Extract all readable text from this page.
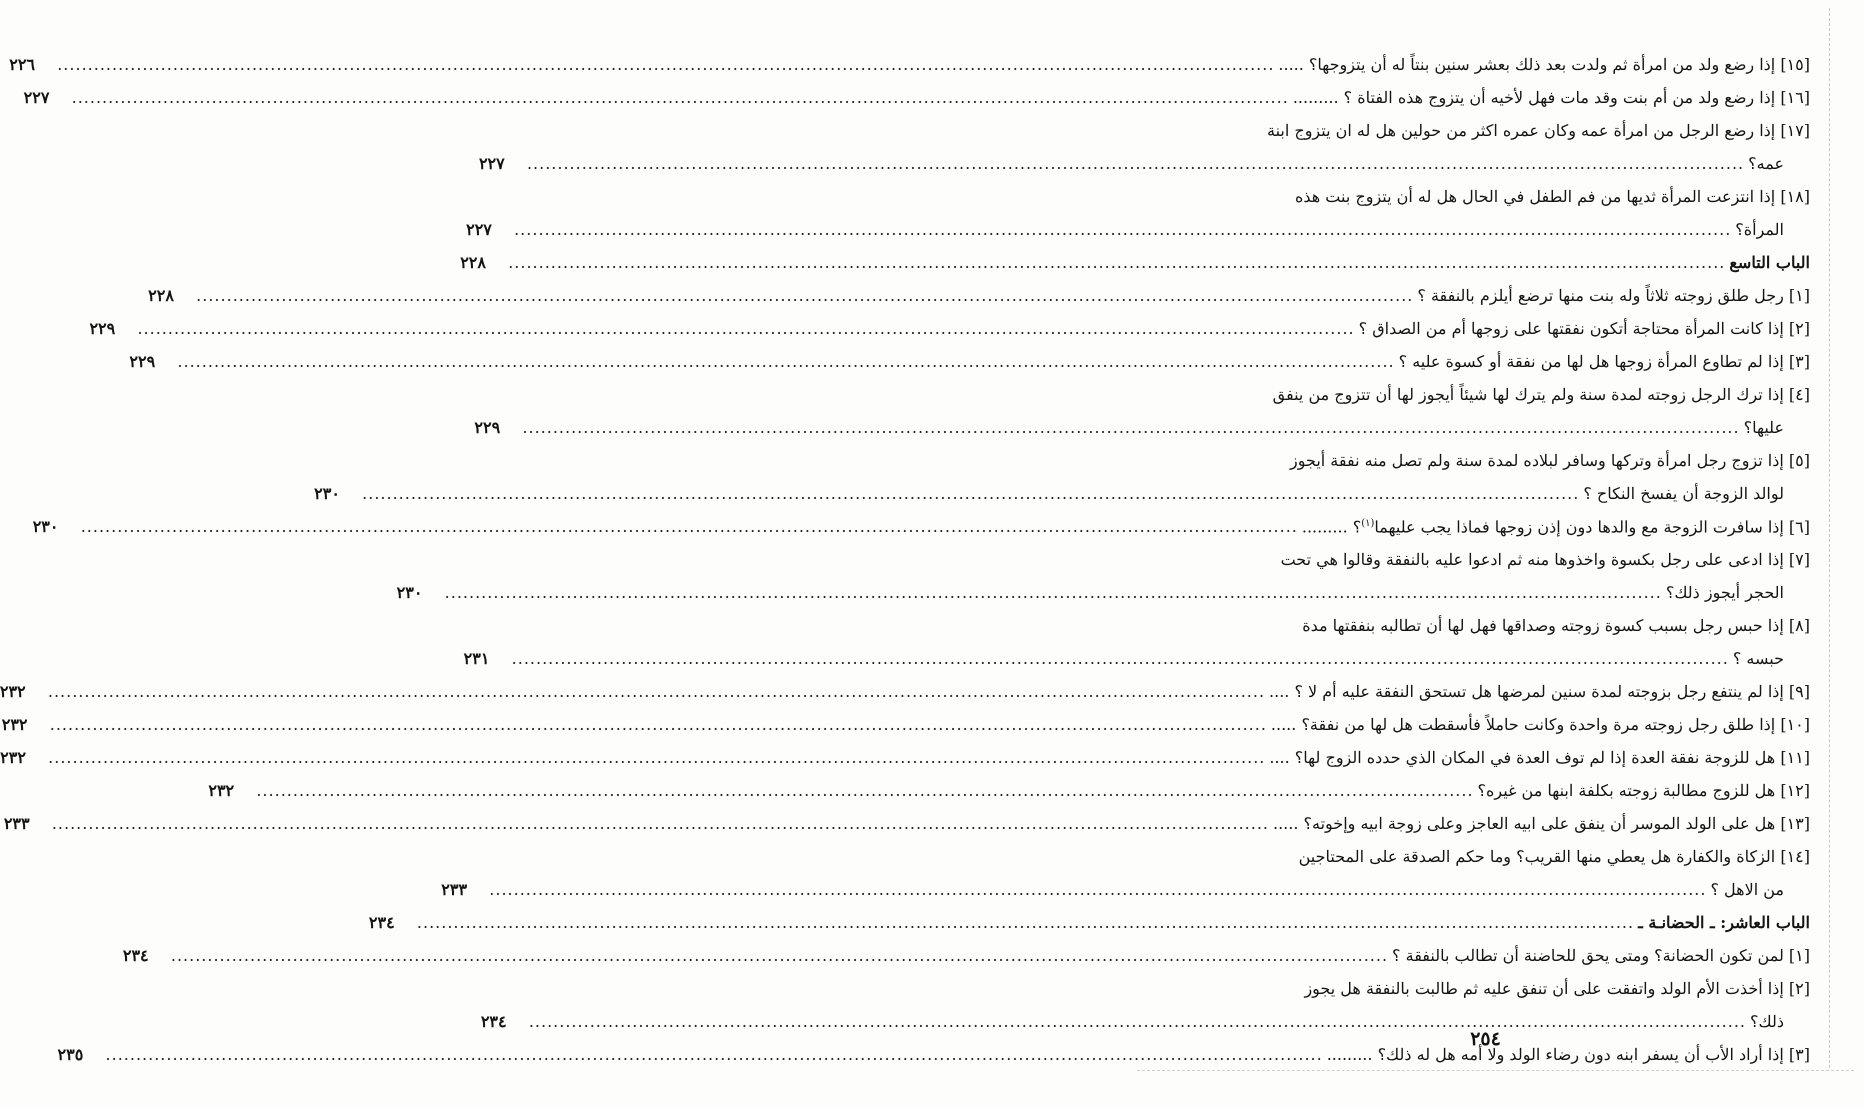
[١٥] إذا رضع ولد من امرأة ثم ولدت بعد ذلك بعشر سنين بنتاً له أن يتزوجها؟ .....
........................................................................................................................................................................................................
٢٢٦
[١٦] إذا رضع ولد من أم بنت وقد مات فهل لأخيه أن يتزوج هذه الفتاة ؟ .........
........................................................................................................................................................................................................
٢٢٧
[١٧] إذا رضع الرجل من امرأة عمه وكان عمره اكثر من حولين هل له ان يتزوج ابنة
عمه؟
........................................................................................................................................................................................................
٢٢٧
[١٨] إذا انتزعت المرأة ثديها من فم الطفل في الحال هل له أن يتزوج بنت هذه
المرأة؟
........................................................................................................................................................................................................
٢٢٧
الباب التاسع
........................................................................................................................................................................................................
٢٢٨
[١] رجل طلق زوجته ثلاثاً وله بنت منها ترضع أيلزم بالنفقة ؟
........................................................................................................................................................................................................
٢٢٨
[٢] إذا كانت المرأة محتاجة أتكون نفقتها على زوجها أم من الصداق ؟
........................................................................................................................................................................................................
٢٢٩
[٣] إذا لم تطاوع المرأة زوجها هل لها من نفقة أو كسوة عليه ؟
........................................................................................................................................................................................................
٢٢٩
[٤] إذا ترك الرجل زوجته لمدة سنة ولم يترك لها شيئاً أيجوز لها أن تتزوج من ينفق
عليها؟
........................................................................................................................................................................................................
٢٢٩
[٥] إذا تزوج رجل امرأة وتركها وسافر لبلاده لمدة سنة ولم تصل منه نفقة أيجوز
لوالد الزوجة أن يفسخ النكاح ؟
........................................................................................................................................................................................................
٢٣٠
[٦] إذا سافرت الزوجة مع والدها دون إذن زوجها فماذا يجب عليهما$^{(١)}$؟ .........
........................................................................................................................................................................................................
٢٣٠
[٧] إذا ادعى على رجل بكسوة واخذوها منه ثم ادعوا عليه بالنفقة وقالوا هي تحت
الحجر أيجوز ذلك؟
........................................................................................................................................................................................................
٢٣٠
[٨] إذا حبس رجل بسبب كسوة زوجته وصداقها فهل لها أن تطالبه بنفقتها مدة
حبسه ؟
........................................................................................................................................................................................................
٢٣١
[٩] إذا لم ينتفع رجل بزوجته لمدة سنين لمرضها هل تستحق النفقة عليه أم لا ؟ ....
........................................................................................................................................................................................................
٢٣٢
[١٠] إذا طلق رجل زوجته مرة واحدة وكانت حاملاً فأسقطت هل لها من نفقة؟ .....
........................................................................................................................................................................................................
٢٣٢
[١١] هل للزوجة نفقة العدة إذا لم توف العدة في المكان الذي حدده الزوج لها؟ ....
........................................................................................................................................................................................................
٢٣٢
[١٢] هل للزوج مطالبة زوجته بكلفة ابنها من غيره؟
........................................................................................................................................................................................................
٢٣٢
[١٣] هل على الولد الموسر أن ينفق على ابيه العاجز وعلى زوجة ابيه وإخوته؟ .....
........................................................................................................................................................................................................
٢٣٣
[١٤] الزكاة والكفارة هل يعطي منها القريب؟ وما حكم الصدقة على المحتاجين
من الاهل ؟
........................................................................................................................................................................................................
٢٣٣
الباب العاشر: ـ الحضانـة ـ
........................................................................................................................................................................................................
٢٣٤
[١] لمن تكون الحضانة؟ ومتى يحق للحاضنة أن تطالب بالنفقة ؟
........................................................................................................................................................................................................
٢٣٤
[٢] إذا أخذت الأم الولد واتفقت على أن تنفق عليه ثم طالبت بالنفقة هل يجوز
ذلك؟
........................................................................................................................................................................................................
٢٣٤
[٣] إذا أراد الأب أن يسفر ابنه دون رضاء الولد ولا أمه هل له ذلك؟ .........
........................................................................................................................................................................................................
٢٣٥
٢٥٤
